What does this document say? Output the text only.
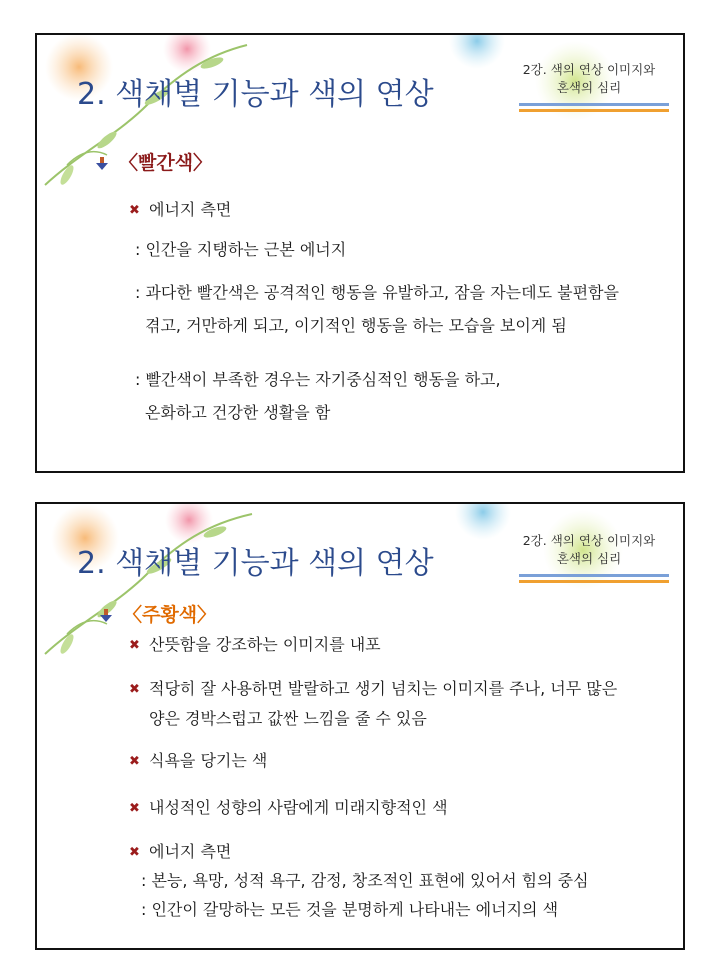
2. 색채별 기능과 색의 연상
2강. 색의 연상 이미지와
혼색의 심리
〈빨간색〉
✖ 에너지 측면
: 인간을 지탱하는 근본 에너지
: 과다한 빨간색은 공격적인 행동을 유발하고, 잠을 자는데도 불편함을
겪고, 거만하게 되고, 이기적인 행동을 하는 모습을 보이게 됨
: 빨간색이 부족한 경우는 자기중심적인 행동을 하고,
온화하고 건강한 생활을 함
2. 색채별 기능과 색의 연상
2강. 색의 연상 이미지와
혼색의 심리
〈주황색〉
✖ 산뜻함을 강조하는 이미지를 내포
✖ 적당히 잘 사용하면 발랄하고 생기 넘치는 이미지를 주나, 너무 많은
양은 경박스럽고 값싼 느낌을 줄 수 있음
✖ 식욕을 당기는 색
✖ 내성적인 성향의 사람에게 미래지향적인 색
✖ 에너지 측면
: 본능, 욕망, 성적 욕구, 감정, 창조적인 표현에 있어서 힘의 중심
: 인간이 갈망하는 모든 것을 분명하게 나타내는 에너지의 색
